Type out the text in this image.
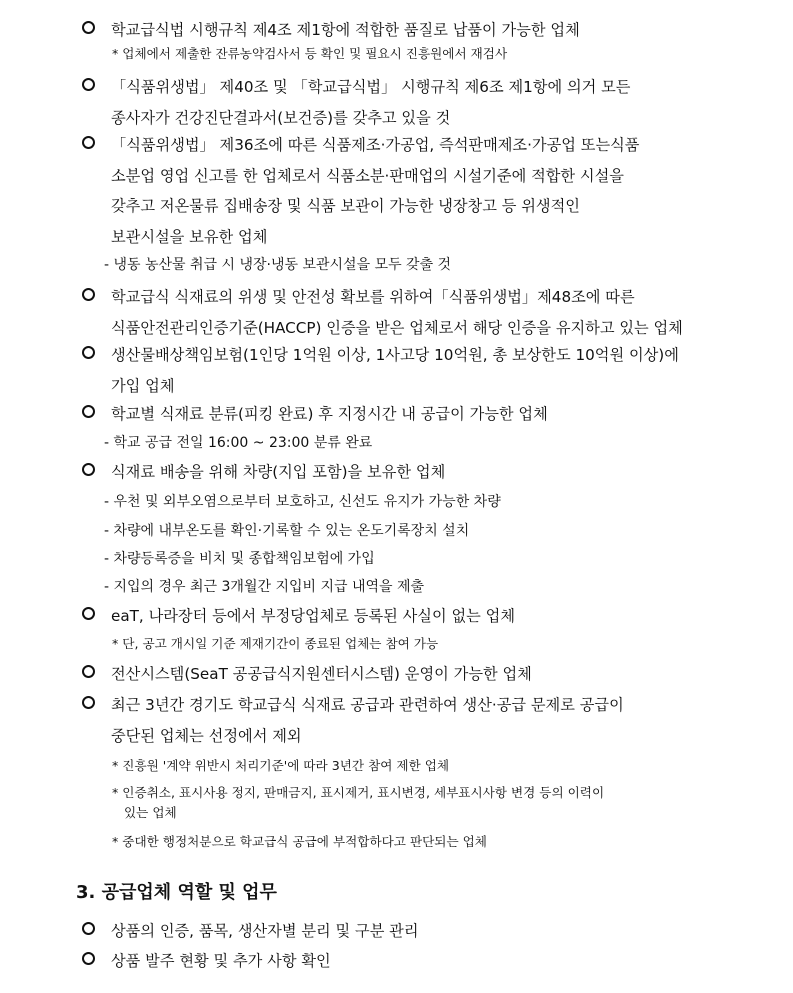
학교급식법 시행규칙 제4조 제1항에 적합한 품질로 납품이 가능한 업체
* 업체에서 제출한 잔류농약검사서 등 확인 및 필요시 진흥원에서 재검사
「식품위생법」 제40조 및 「학교급식법」 시행규칙 제6조 제1항에 의거 모든
종사자가 건강진단결과서(보건증)를 갖추고 있을 것
「식품위생법」 제36조에 따른 식품제조·가공업, 즉석판매제조·가공업 또는식품
소분업 영업 신고를 한 업체로서 식품소분·판매업의 시설기준에 적합한 시설을
갖추고 저온물류 집배송장 및 식품 보관이 가능한 냉장창고 등 위생적인
보관시설을 보유한 업체
- 냉동 농산물 취급 시 냉장·냉동 보관시설을 모두 갖출 것
학교급식 식재료의 위생 및 안전성 확보를 위하여「식품위생법」제48조에 따른
식품안전관리인증기준(HACCP) 인증을 받은 업체로서 해당 인증을 유지하고 있는 업체
생산물배상책임보험(1인당 1억원 이상, 1사고당 10억원, 총 보상한도 10억원 이상)에
가입 업체
학교별 식재료 분류(피킹 완료) 후 지정시간 내 공급이 가능한 업체
- 학교 공급 전일 16:00 ~ 23:00 분류 완료
식재료 배송을 위해 차량(지입 포함)을 보유한 업체
- 우천 및 외부오염으로부터 보호하고, 신선도 유지가 가능한 차량
- 차량에 내부온도를 확인·기록할 수 있는 온도기록장치 설치
- 차량등록증을 비치 및 종합책임보험에 가입
- 지입의 경우 최근 3개월간 지입비 지급 내역을 제출
eaT, 나라장터 등에서 부정당업체로 등록된 사실이 없는 업체
* 단, 공고 개시일 기준 제재기간이 종료된 업체는 참여 가능
전산시스템(SeaT 공공급식지원센터시스템) 운영이 가능한 업체
최근 3년간 경기도 학교급식 식재료 공급과 관련하여 생산·공급 문제로 공급이
중단된 업체는 선정에서 제외
* 진흥원 '계약 위반시 처리기준'에 따라 3년간 참여 제한 업체
* 인증취소, 표시사용 정지, 판매금지, 표시제거, 표시변경, 세부표시사항 변경 등의 이력이
있는 업체
* 중대한 행정처분으로 학교급식 공급에 부적합하다고 판단되는 업체
3. 공급업체 역할 및 업무
상품의 인증, 품목, 생산자별 분리 및 구분 관리
상품 발주 현황 및 추가 사항 확인
